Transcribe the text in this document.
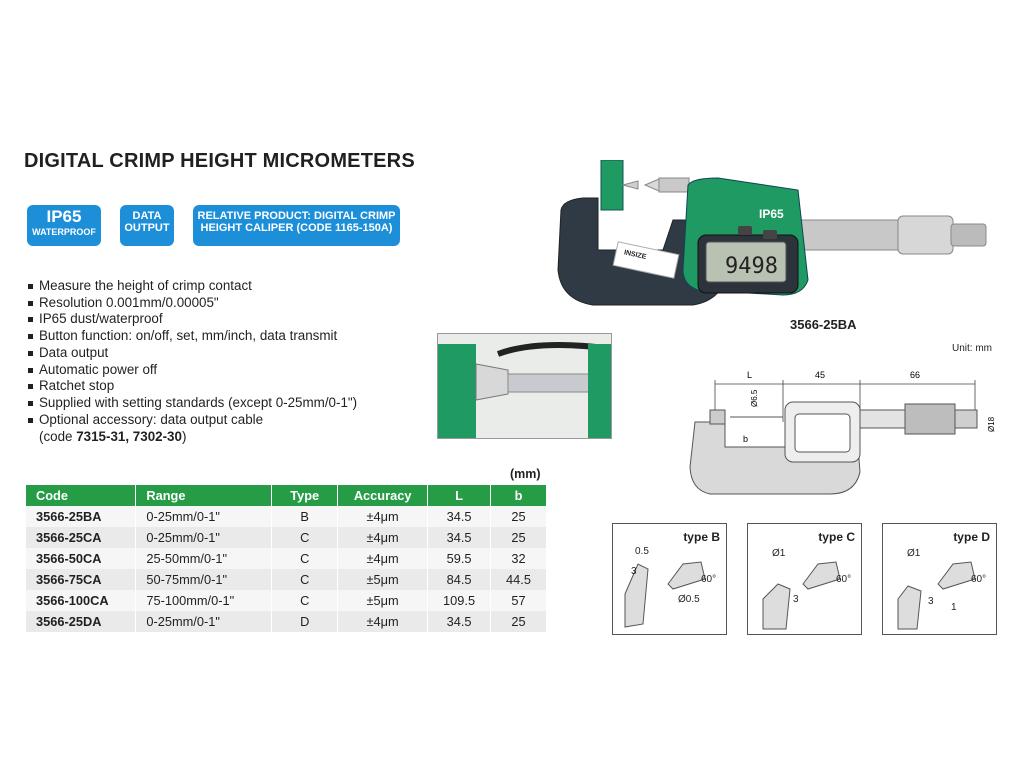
DIGITAL CRIMP HEIGHT MICROMETERS
IP65
WATERPROOF
DATA
OUTPUT
RELATIVE PRODUCT: DIGITAL CRIMP
HEIGHT CALIPER (CODE 1165-150A)
Measure the height of crimp contact
Resolution 0.001mm/0.00005"
IP65 dust/waterproof
Button function: on/off, set, mm/inch, data transmit
Data output
Automatic power off
Ratchet stop
Supplied with setting standards (except 0-25mm/0-1")
Optional accessory: data output cable
(code 7315-31, 7302-30)
(mm)
Code	Range	Type	Accuracy	L	b
3566-25BA	0-25mm/0-1"	B	±4μm	34.5	25
3566-25CA	0-25mm/0-1"	C	±4μm	34.5	25
3566-50CA	25-50mm/0-1"	C	±4μm	59.5	32
3566-75CA	50-75mm/0-1"	C	±5μm	84.5	44.5
3566-100CA	75-100mm/0-1"	C	±5μm	109.5	57
3566-25DA	0-25mm/0-1"	D	±4μm	34.5	25
INSIZE	9498
IP65
3566-25BA
Unit: mm
L
Ø6.5
45	66
Ø18
b
type B
0.5
3
60°
Ø0.5
type C
Ø1
60°
3
type D
Ø1
60°
3
1
